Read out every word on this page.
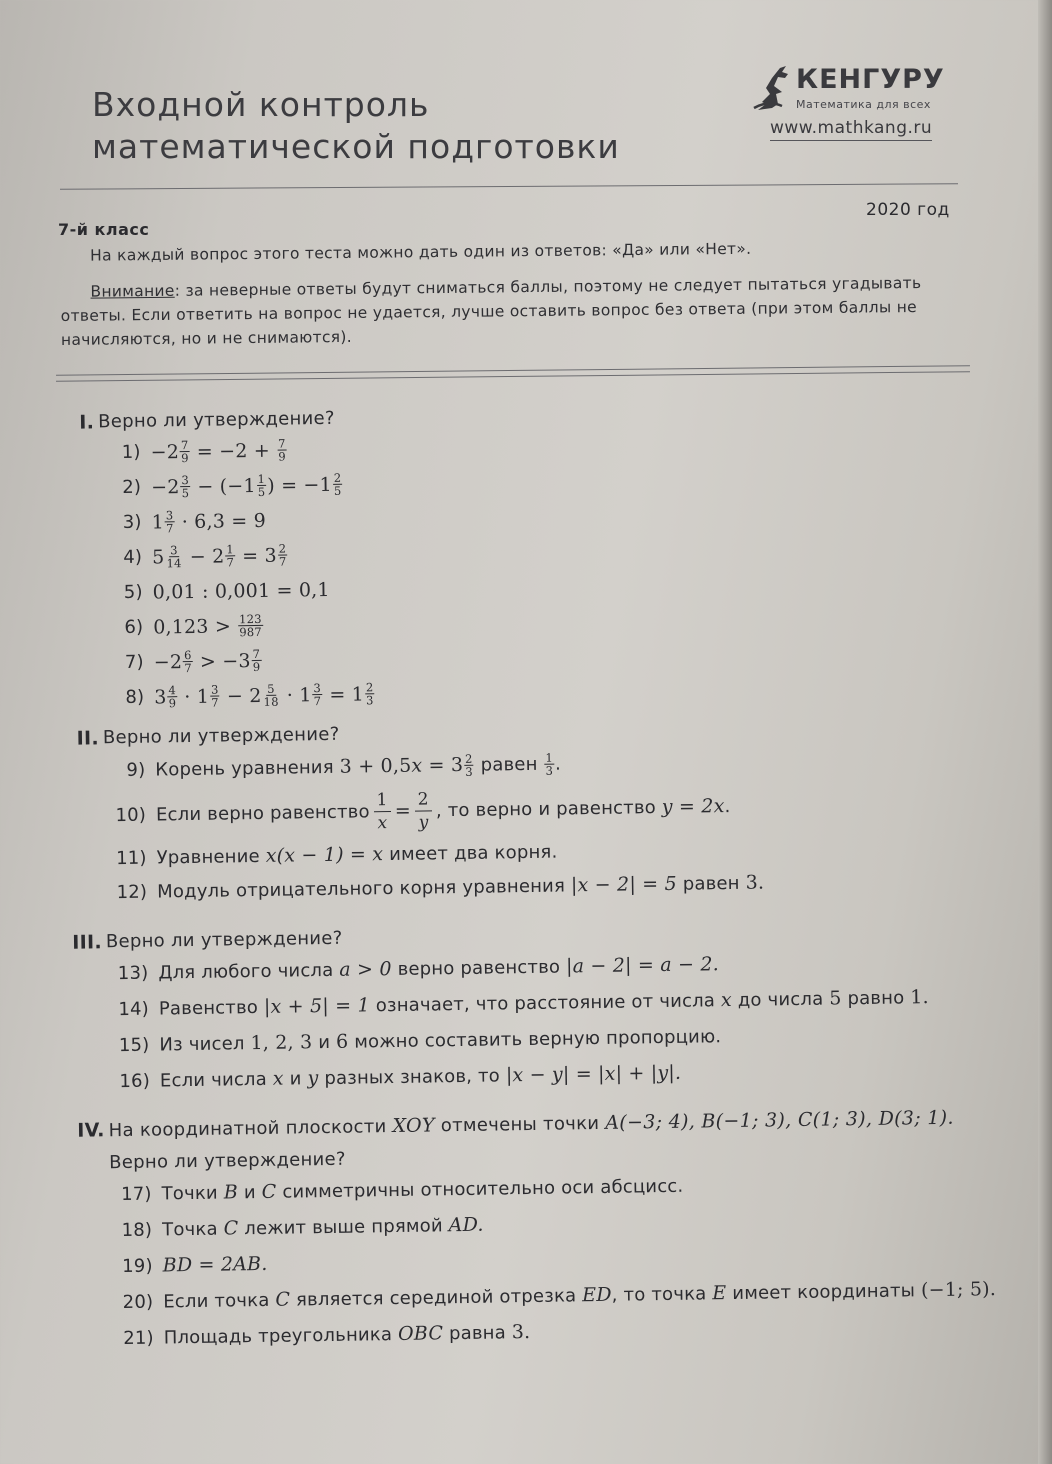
Входной контроль
математической подготовки
КЕНГУРУ
Математика для всех
www.mathkang.ru
2020 год
7-й класс

На каждый вопрос этого теста можно дать один из ответов: «Да» или «Нет».

Внимание: за неверные ответы будут сниматься баллы, поэтому не следует пытаться угадывать ответы. Если ответить на вопрос не удается, лучше оставить вопрос без ответа (при этом баллы не начисляются, но и не снимаются).

I. Верно ли утверждение?
$1) -2 \frac{7}{9} = -2 + \frac{7}{9}$
$2) -2 \frac{3}{5} - (-1 \frac{1}{5}$ ) = $-1 \frac{2}{5}$
3) $1 \frac{3}{7} \cdot 6,3 = 9$
4) $5 \frac{3}{14} - 2 \frac{1}{7} = 3 \frac{2}{7}$
5) 0,01 : 0,001 = 0,1
6) $0,123 > \frac{123}{987}$
$7) -2 \frac{6}{7} > -3 \frac{7}{9}$
8) $3 \frac{4}{9} \cdot 1 \frac{3}{7} - 2 \frac{5}{18} \cdot 1 \frac{3}{7} = 1 \frac{2}{3}$
II. Верно ли утверждение?
9) Корень уравнения
3 + 0,5 $x = 3 \frac{2}{3}$
равен
$\frac{1}{3}$ .
10) Если верно равенство $\frac{1}{x} = \frac{2}{y}$ , то верно и равенство
y = 2x .
11) Уравнение
x(x − 1) = x
имеет два корня.
12) Модуль отрицательного корня уравнения
|x − 2| = 5
равен
3.
III. Верно ли утверждение?
13) Для любого числа
a > 0
верно равенство
|a − 2| = a − 2.
14) Равенство
|x + 5| = 1
означает, что расстояние от числа
x
до числа
5
равно
1.
15) Из чисел
1, 2, 3
и
6
можно составить верную пропорцию.
16) Если числа
x
и
y
разных знаков, то
|x − y| = |x| + |y|.
IV. На координатной плоскости XOY отмечены точки A(−3; 4), B(−1; 3), C(1; 3), D(3; 1).
Верно ли утверждение?
17) Точки
B
и
C
симметричны относительно оси абсцисс.
18) Точка
C
лежит выше прямой
AD.
19) BD = 2AB.
20) Если точка
C
является серединой отрезка
ED , то точка
E
имеет координаты
(−1; 5).
21) Площадь треугольника
OBC
равна
3.
